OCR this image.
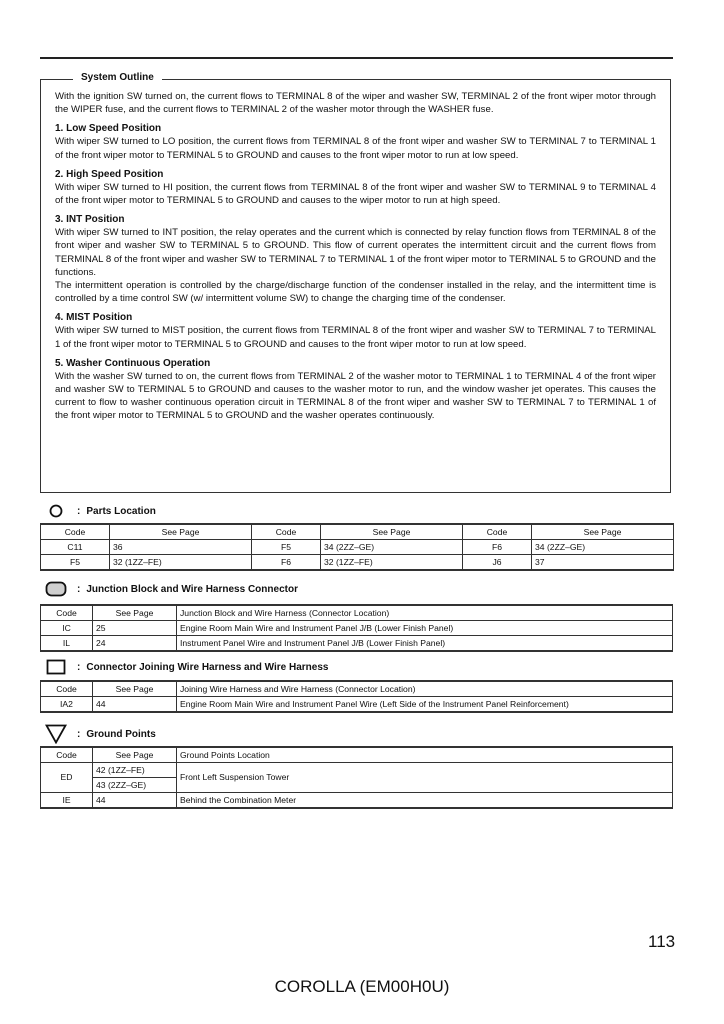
System Outline

With the ignition SW turned on, the current flows to TERMINAL 8 of the wiper and washer SW, TERMINAL 2 of the front wiper motor through the WIPER fuse, and the current flows to TERMINAL 2 of the washer motor through the WASHER fuse.

1. Low Speed Position

With wiper SW turned to LO position, the current flows from TERMINAL 8 of the front wiper and washer SW to TERMINAL 7 to TERMINAL 1 of the front wiper motor to TERMINAL 5 to GROUND and causes to the front wiper motor to run at low speed.

2. High Speed Position

With wiper SW turned to HI position, the current flows from TERMINAL 8 of the front wiper and washer SW to TERMINAL 9 to TERMINAL 4 of the front wiper motor to TERMINAL 5 to GROUND and causes to the wiper motor to run at high speed.

3. INT Position

With wiper SW turned to INT position, the relay operates and the current which is connected by relay function flows from TERMINAL 8 of the front wiper and washer SW to TERMINAL 5 to GROUND. This flow of current operates the intermittent circuit and the current flows from TERMINAL 8 of the front wiper and washer SW to TERMINAL 7 to TERMINAL 1 of the front wiper motor to TERMINAL 5 to GROUND and the functions.

The intermittent operation is controlled by the charge/discharge function of the condenser installed in the relay, and the intermittent time is controlled by a time control SW (w/ intermittent volume SW) to change the charging time of the condenser.

4. MIST Position

With wiper SW turned to MIST position, the current flows from TERMINAL 8 of the front wiper and washer SW to TERMINAL 7 to TERMINAL 1 of the front wiper motor to TERMINAL 5 to GROUND and causes to the front wiper motor to run at low speed.

5. Washer Continuous Operation

With the washer SW turned to on, the current flows from TERMINAL 2 of the washer motor to TERMINAL 1 to TERMINAL 4 of the front wiper and washer SW to TERMINAL 5 to GROUND and causes to the washer motor to run, and the window washer jet operates. This causes the current to flow to washer continuous operation circuit in TERMINAL 8 of the front wiper and washer SW to TERMINAL 7 to TERMINAL 1 of the front wiper motor to TERMINAL 5 to GROUND and the washer operates continuously.

: Parts Location
Code	See Page	Code	See Page	Code	See Page
C11	36	F5	34 (2ZZ–GE)	F6	34 (2ZZ–GE)
F5	32 (1ZZ–FE)	F6	32 (1ZZ–FE)	J6	37
: Junction Block and Wire Harness Connector
Code	See Page	Junction Block and Wire Harness (Connector Location)
IC	25	Engine Room Main Wire and Instrument Panel J/B (Lower Finish Panel)
IL	24	Instrument Panel Wire and Instrument Panel J/B (Lower Finish Panel)
: Connector Joining Wire Harness and Wire Harness
Code	See Page	Joining Wire Harness and Wire Harness (Connector Location)
IA2	44	Engine Room Main Wire and Instrument Panel Wire (Left Side of the Instrument Panel Reinforcement)
: Ground Points
Code	See Page	Ground Points Location
ED	42 (1ZZ–FE)	Front Left Suspension Tower
	43 (2ZZ–GE)	
IE	44	Behind the Combination Meter
113
COROLLA (EM00H0U)
